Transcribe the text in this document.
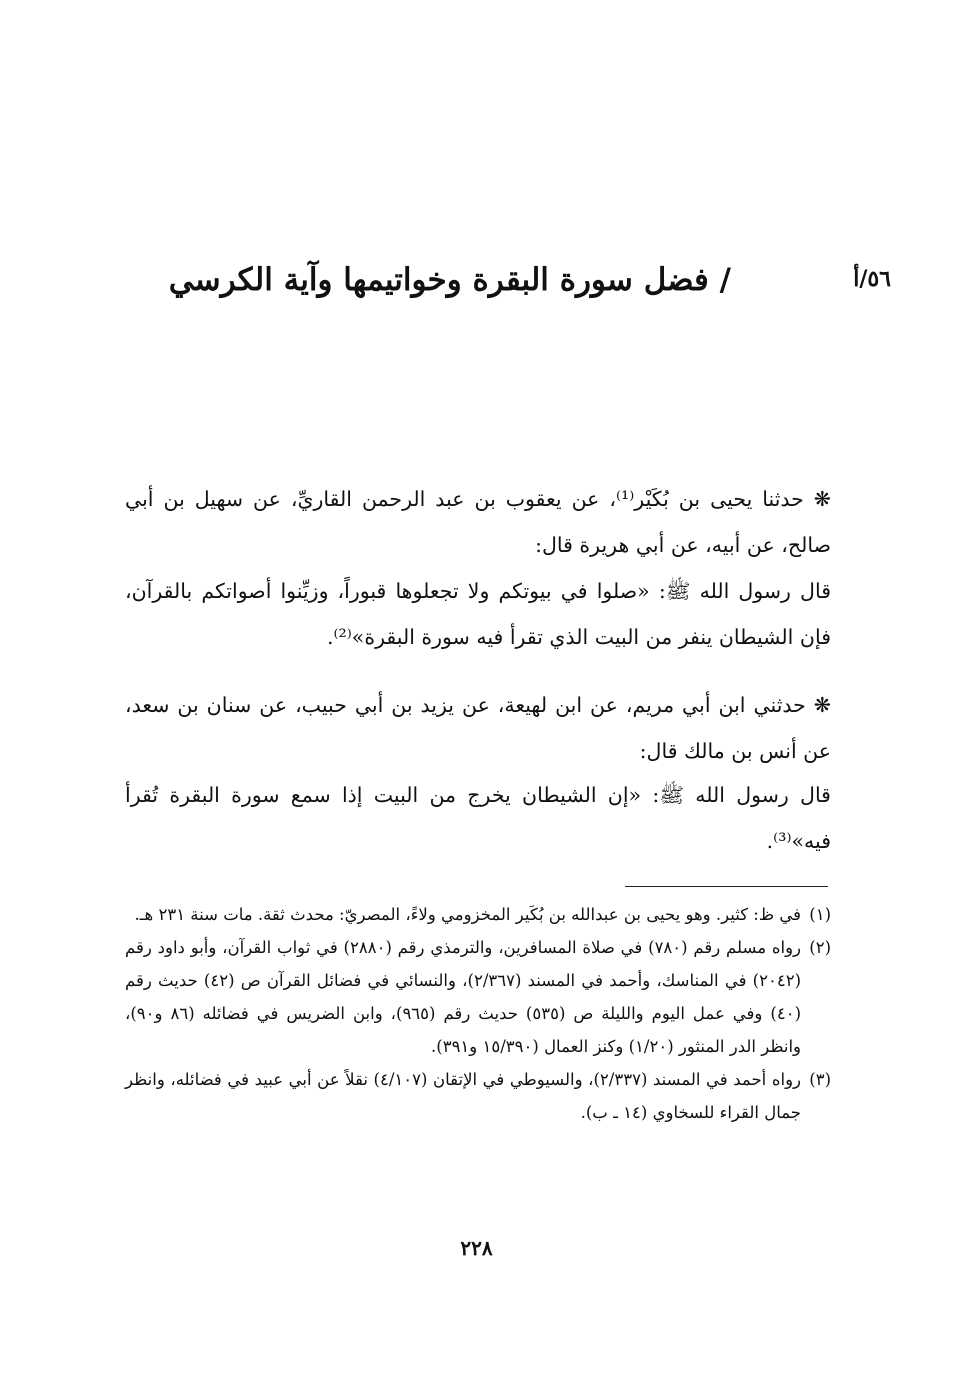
٥٦/أ
/ فضل سورة البقرة وخواتيمها وآية الكرسي

❋ حدثنا يحيى بن بُكَيْر⁽¹⁾، عن يعقوب بن عبد الرحمن القاريِّ، عن سهيل بن أبي صالح، عن أبيه، عن أبي هريرة قال:

قال رسول الله ﷺ: «صلوا في بيوتكم ولا تجعلوها قبوراً، وزيِّنوا أصواتكم بالقرآن، فإن الشيطان ينفر من البيت الذي تقرأ فيه سورة البقرة»⁽²⁾.

❋ حدثني ابن أبي مريم، عن ابن لهيعة، عن يزيد بن أبي حبيب، عن سنان بن سعد، عن أنس بن مالك قال:

قال رسول الله ﷺ: «إن الشيطان يخرج من البيت إذا سمع سورة البقرة تُقرأ فيه»⁽³⁾.

(١)
في ظ: كثير. وهو يحيى بن عبدالله بن بُكَير المخزومي ولاءً، المصريّ: محدث ثقة. مات سنة ٢٣١ هـ.
(٢)
رواه مسلم رقم (٧٨٠) في صلاة المسافرين، والترمذي رقم (٢٨٨٠) في ثواب القرآن، وأبو داود رقم (٢٠٤٢) في المناسك، وأحمد في المسند (٢/٣٦٧)، والنسائي في فضائل القرآن ص (٤٢) حديث رقم (٤٠) وفي عمل اليوم والليلة ص (٥٣٥) حديث رقم (٩٦٥)، وابن الضريس في فضائله (٨٦ و٩٠)، وانظر الدر المنثور (١/٢٠) وكنز العمال (١٥/٣٩٠ و٣٩١).
(٣)
رواه أحمد في المسند (٢/٣٣٧)، والسيوطي في الإتقان (٤/١٠٧) نقلاً عن أبي عبيد في فضائله، وانظر جمال القراء للسخاوي (١٤ ـ ب).
٢٢٨
